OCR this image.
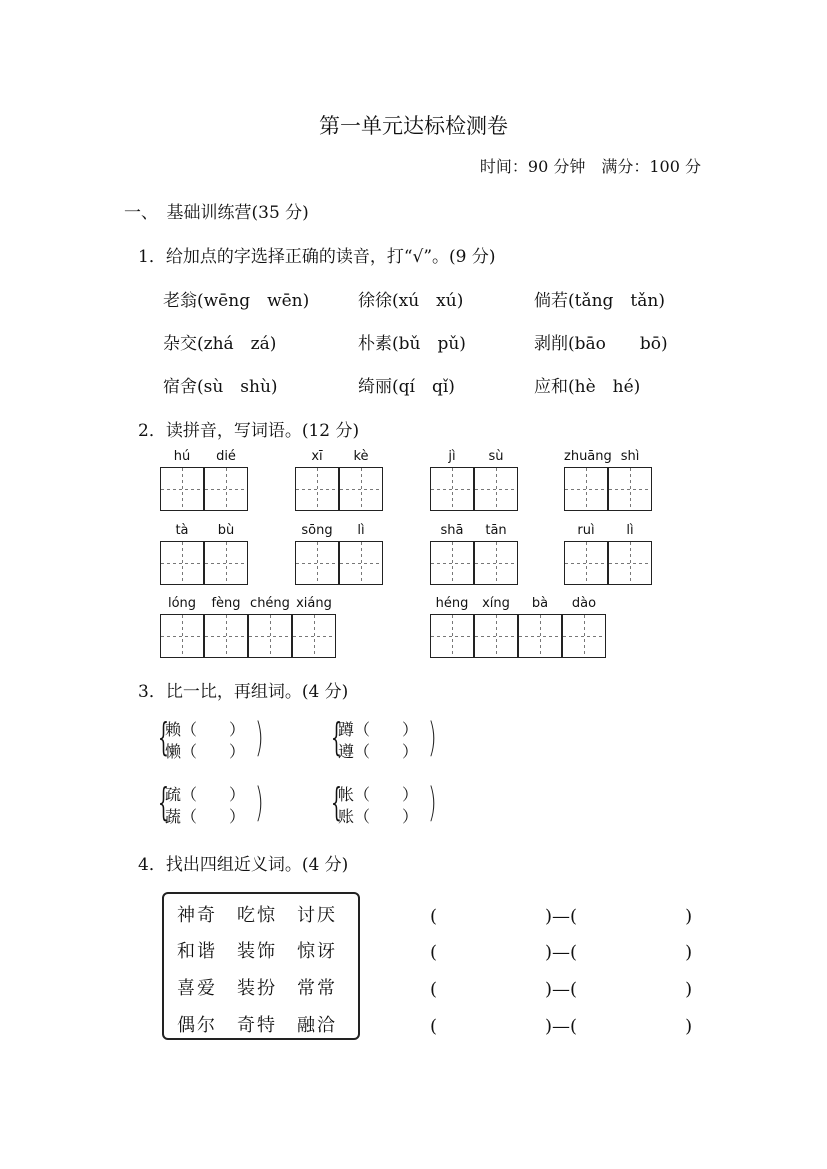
第一单元达标检测卷
时间：90 分钟　满分：100 分
一、　基础训练营(35 分)
1．给加点的字选择正确的读音，打“√”。(9 分)
老翁(wēng　wēn)	徐徐(xú　xú)	倘若(tǎng　tǎn)
杂交(zhá　zá)	朴素(bǔ　pǔ)	剥削(bāo　　bō)
宿舍(sù　shù)	绮丽(qí　qǐ)	应和(hè　hé)
2．读拼音，写词语。(12 分)
hú	dié	xī	kè	jì	sù	zhuāng shì
tà	bù	sōng	lì	shā	tān	ruì	lì
lóng	fèng chéng xiáng	héng	xíng	bà	dào
3．比一比，再组词。(4 分)
{
赖（　　）
懒（　　） ) {
蹲（　　）
遵（　　） )
{
疏（　　）
蔬（　　） ) {
帐（　　）
账（　　） )
4．找出四组近义词。(4 分)
神奇　吃惊　讨厌
和谐　装饰　惊讶
喜爱　装扮　常常
偶尔　奇特　融洽
(　　　　　　)—(　　　　　　)
(　　　　　　)—(　　　　　　)
(　　　　　　)—(　　　　　　)
(　　　　　　)—(　　　　　　)
